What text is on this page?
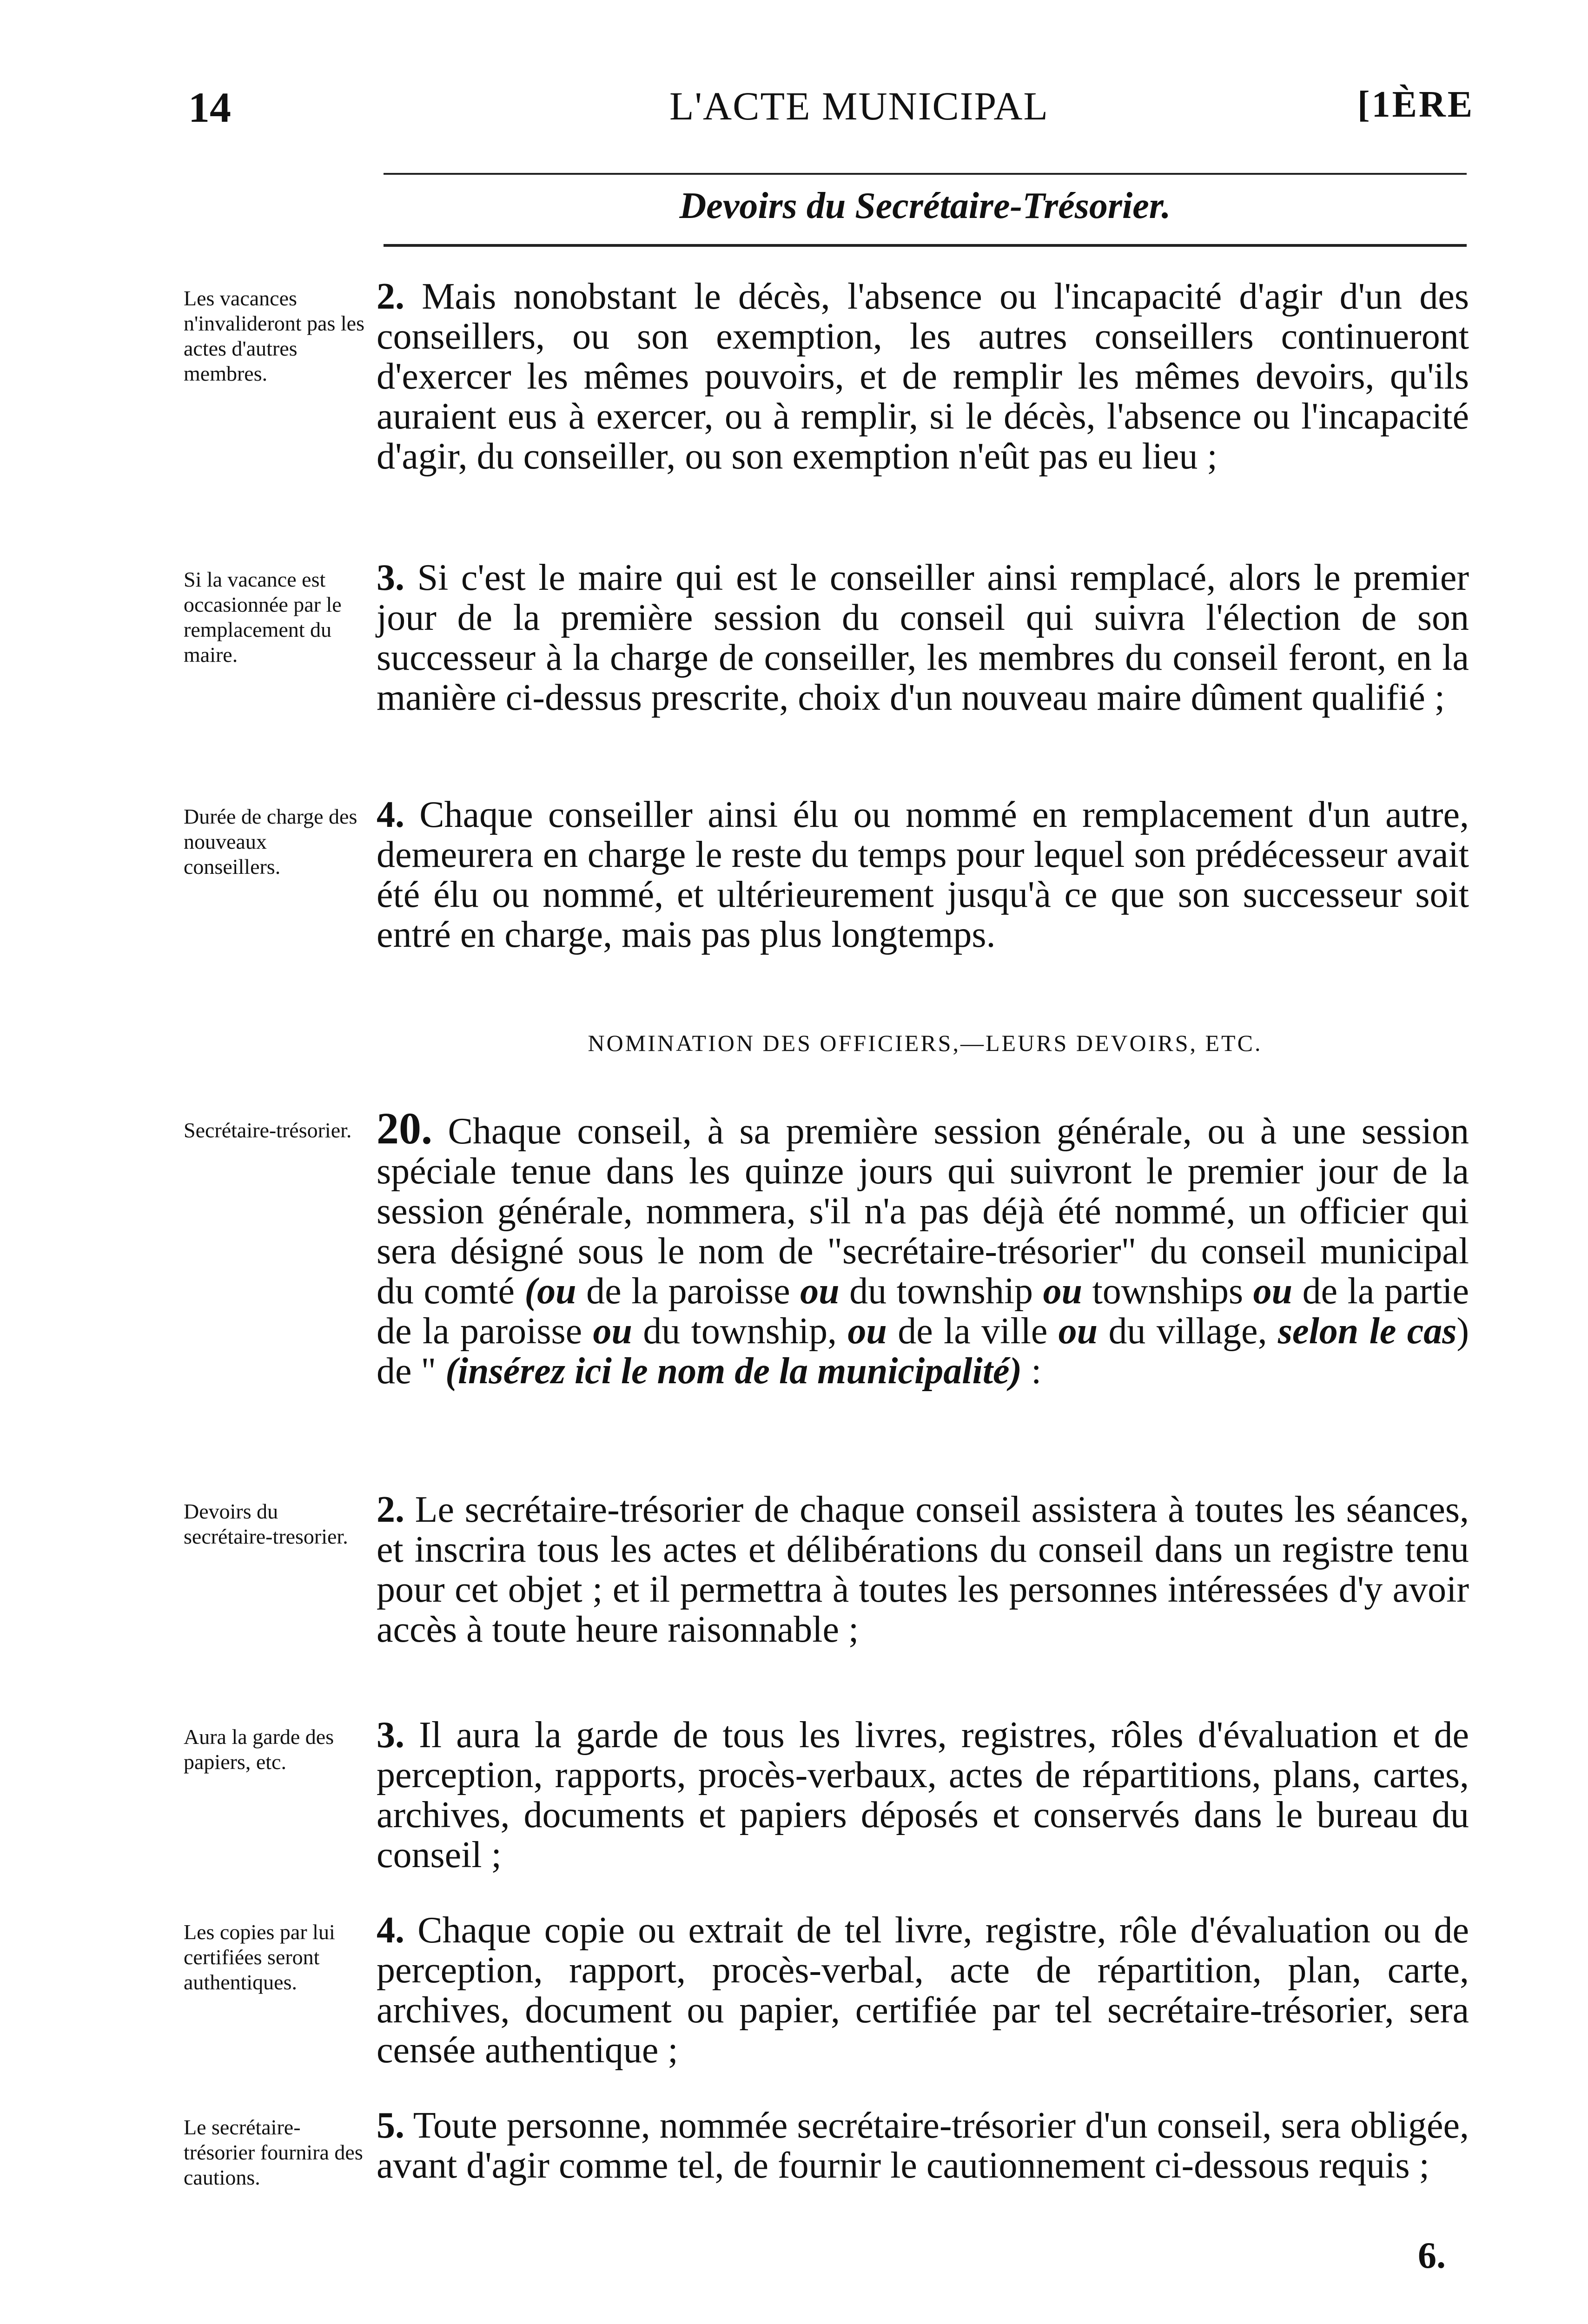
14	L'ACTE MUNICIPAL	[1ÈRE
Devoirs du Secrétaire-Trésorier.
Les vacances n'invalideront pas les actes d'autres membres.
2. Mais nonobstant le décès, l'absence ou l'incapacité d'agir d'un des conseillers, ou son exemption, les autres conseillers continueront d'exercer les mêmes pouvoirs, et de remplir les mêmes devoirs, qu'ils auraient eus à exercer, ou à remplir, si le décès, l'absence ou l'incapacité d'agir, du conseiller, ou son exemption n'eût pas eu lieu ;
Si la vacance est occasionnée par le remplacement du maire.
3. Si c'est le maire qui est le conseiller ainsi remplacé, alors le premier jour de la première session du conseil qui suivra l'élection de son successeur à la charge de conseiller, les membres du conseil feront, en la manière ci-dessus prescrite, choix d'un nouveau maire dûment qualifié ;
Durée de charge des nouveaux conseillers.
4. Chaque conseiller ainsi élu ou nommé en remplacement d'un autre, demeurera en charge le reste du temps pour lequel son prédécesseur avait été élu ou nommé, et ultérieurement jusqu'à ce que son successeur soit entré en charge, mais pas plus longtemps.
NOMINATION DES OFFICIERS,—LEURS DEVOIRS, ETC.
Secrétaire-trésorier. 20. Chaque conseil, à sa première session générale, ou à une session spéciale tenue dans les quinze jours qui suivront le premier jour de la session générale, nommera, s'il n'a pas déjà été nommé, un officier qui sera désigné sous le nom de "secrétaire-trésorier" du conseil municipal du comté (ou de la paroisse ou du township ou townships ou de la partie de la paroisse ou du township, ou de la ville ou du village, selon le cas) de " (insérez ici le nom de la municipalité) :
Devoirs du secrétaire-tresorier.
2. Le secrétaire-trésorier de chaque conseil assistera à toutes les séances, et inscrira tous les actes et délibérations du conseil dans un registre tenu pour cet objet ; et il permettra à toutes les personnes intéressées d'y avoir accès à toute heure raisonnable ;
Aura la garde des papiers, etc.
3. Il aura la garde de tous les livres, registres, rôles d'évaluation et de perception, rapports, procès-verbaux, actes de répartitions, plans, cartes, archives, documents et papiers déposés et conservés dans le bureau du conseil ;
Les copies par lui certifiées seront authentiques.
4. Chaque copie ou extrait de tel livre, registre, rôle d'évaluation ou de perception, rapport, procès-verbal, acte de répartition, plan, carte, archives, document ou papier, certifiée par tel secrétaire-trésorier, sera censée authentique ;
Le secrétaire-trésorier fournira des cautions.
5. Toute personne, nommée secrétaire-trésorier d'un conseil, sera obligée, avant d'agir comme tel, de fournir le cautionnement ci-dessous requis ;
6.
